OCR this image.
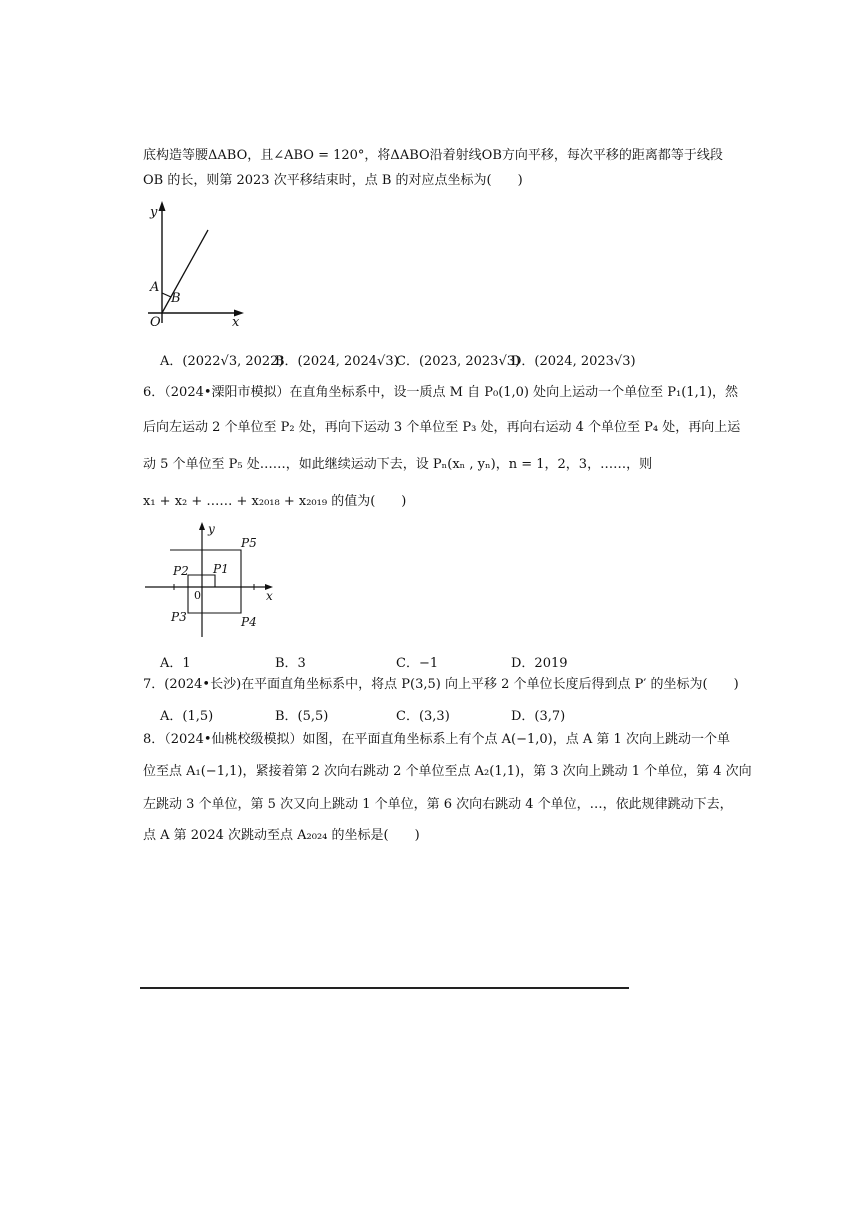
底构造等腰ΔABO，且∠ABO = 120°，将ΔABO沿着射线OB方向平移，每次平移的距离都等于线段
OB 的长，则第 2023 次平移结束时，点 B 的对应点坐标为(　　)
y
x
A
B
O
A．(2022√3, 2022)
B．(2024, 2024√3)
C．(2023, 2023√3)
D．(2024, 2023√3)
6．（2024•溧阳市模拟）在直角坐标系中，设一质点 M 自 P₀(1,0) 处向上运动一个单位至 P₁(1,1)，然
后向左运动 2 个单位至 P₂ 处，再向下运动 3 个单位至 P₃ 处，再向右运动 4 个单位至 P₄ 处，再向上运
动 5 个单位至 P₅ 处……，如此继续运动下去，设 Pₙ(xₙ , yₙ)，n = 1，2，3，……，则
x₁ + x₂ + …… + x₂₀₁₈ + x₂₀₁₉ 的值为(　　)
y
x
0
P1
P2
P3	P4
P5
A．1	B．3	C．−1	D．2019
7．(2024•长沙)在平面直角坐标系中，将点 P(3,5) 向上平移 2 个单位长度后得到点 P′ 的坐标为(　　)
A．(1,5)	B．(5,5)	C．(3,3)	D．(3,7)
8．（2024•仙桃校级模拟）如图，在平面直角坐标系上有个点 A(−1,0)，点 A 第 1 次向上跳动一个单
位至点 A₁(−1,1)，紧接着第 2 次向右跳动 2 个单位至点 A₂(1,1)，第 3 次向上跳动 1 个单位，第 4 次向
左跳动 3 个单位，第 5 次又向上跳动 1 个单位，第 6 次向右跳动 4 个单位，…，依此规律跳动下去，
点 A 第 2024 次跳动至点 A₂₀₂₄ 的坐标是(　　)
